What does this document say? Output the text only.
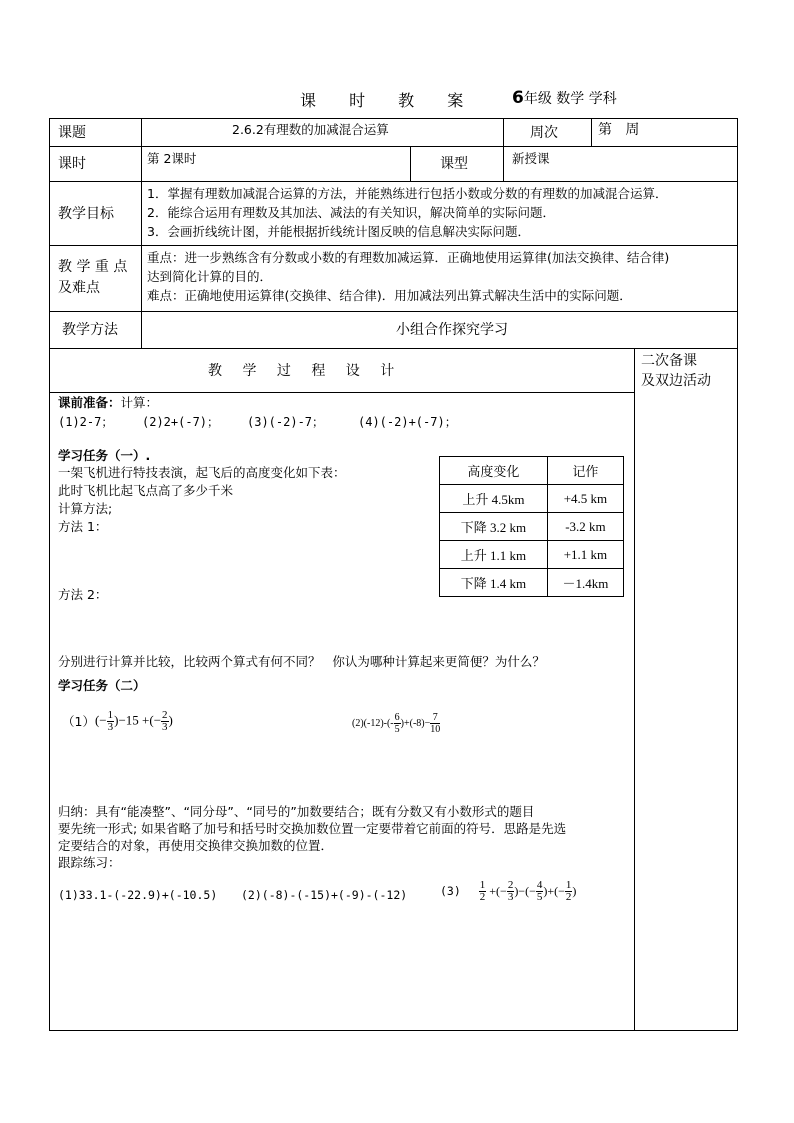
课 时 教 案 6年级 数学 学科
课题	2.6.2有理数的加减混合运算	周次	第   周
课时	第 2课时	课型	新授课
教学目标
1．掌握有理数加减混合运算的方法，并能熟练进行包括小数或分数的有理数的加减混合运算．
2．能综合运用有理数及其加法、减法的有关知识，解决简单的实际问题．
3．会画折线统计图，并能根据折线统计图反映的信息解决实际问题．
教 学 重 点
及难点
重点：进一步熟练含有分数或小数的有理数加减运算．正确地使用运算律(加法交换律、结合律)
达到简化计算的目的．
难点：正确地使用运算律(交换律、结合律)．用加减法列出算式解决生活中的实际问题．
教学方法	小组合作探究学习
教 学 过 程 设 计
二次备课
及双边活动
课前准备：计算：
(1)2-7； (2)2+(-7)； (3)(-2)-7；	(4)(-2)+(-7)；
学习任务（一）.
一架飞机进行特技表演，起飞后的高度变化如下表：
此时飞机比起飞点高了多少千米
计算方法;
方法 1：
方法 2：
高度变化	记作
上升 4.5km	+4.5 km
下降 3.2 km	-3.2 km
上升 1.1 km	+1.1 km
下降 1.4 km	－1.4km
分别进行计算并比较，比较两个算式有何不同？   你认为哪种计算起来更简便？为什么？
学习任务（二）
（1） (− $\frac{1}{3} )-15$ +(− $\frac{2}{3}$ )	$(2)(-12)-(- \frac{6}{5} )+(-8)- \frac{7}{10}$
归纳：具有“能凑整”、“同分母”、“同号的”加数要结合；既有分数又有小数形式的题目
要先统一形式; 如果省略了加号和括号时交换加数位置一定要带着它前面的符号．思路是先选
定要结合的对象，再使用交换律交换加数的位置．
跟踪练习：
(1)33.1-(-22.9)+(-10.5) (2)(-8)-(-15)+(-9)-(-12)	$(3) \frac{1}{2}$ +(− $\frac{2}{3}$ )−(− $\frac{4}{5}$ )+(− $\frac{1}{2}$ )
